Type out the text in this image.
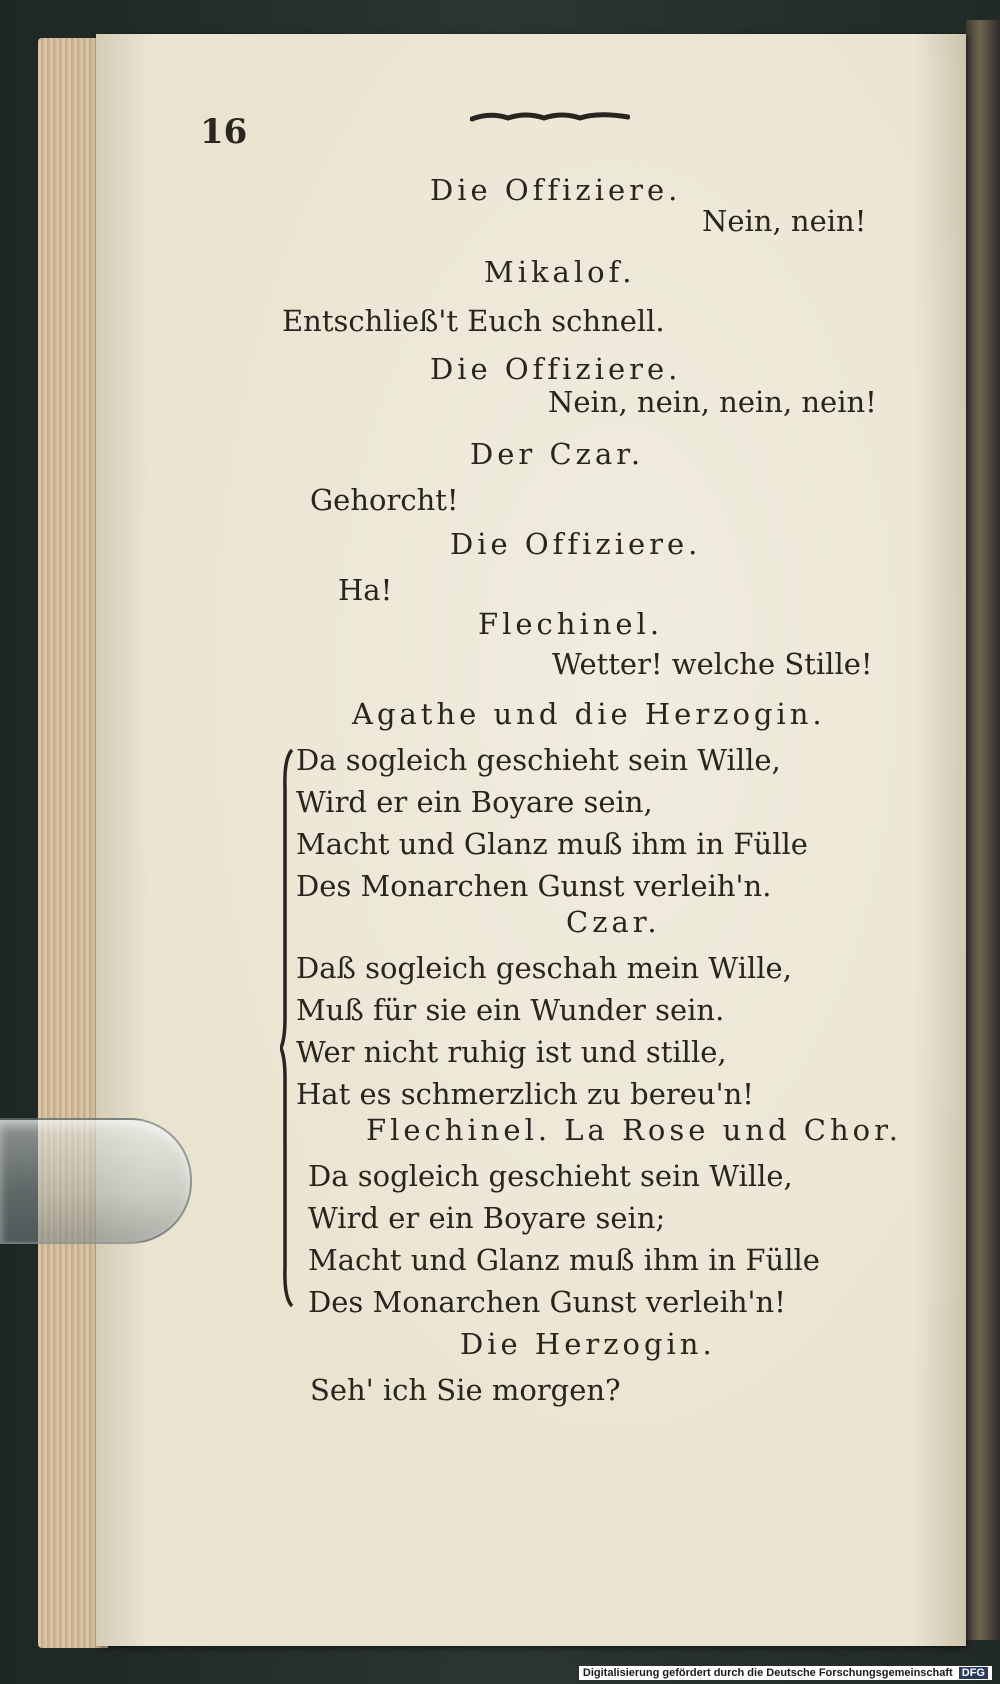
16
Die Offiziere.
Nein, nein!
Mikalof.
Entschließ't Euch schnell.
Die Offiziere.
Nein, nein, nein, nein!
Der Czar.
Gehorcht!
Die Offiziere.
Ha!
Flechinel.
Wetter! welche Stille!
Agathe und die Herzogin.
Da sogleich geschieht sein Wille,
Wird er ein Boyare sein,
Macht und Glanz muß ihm in Fülle
Des Monarchen Gunst verleih'n.
Czar.
Daß sogleich geschah mein Wille,
Muß für sie ein Wunder sein.
Wer nicht ruhig ist und stille,
Hat es schmerzlich zu bereu'n!
Flechinel. La Rose und Chor.
Da sogleich geschieht sein Wille,
Wird er ein Boyare sein;
Macht und Glanz muß ihm in Fülle
Des Monarchen Gunst verleih'n!
Die Herzogin.
Seh' ich Sie morgen?
Digitalisierung gefördert durch die Deutsche Forschungsgemeinschaft DFG
